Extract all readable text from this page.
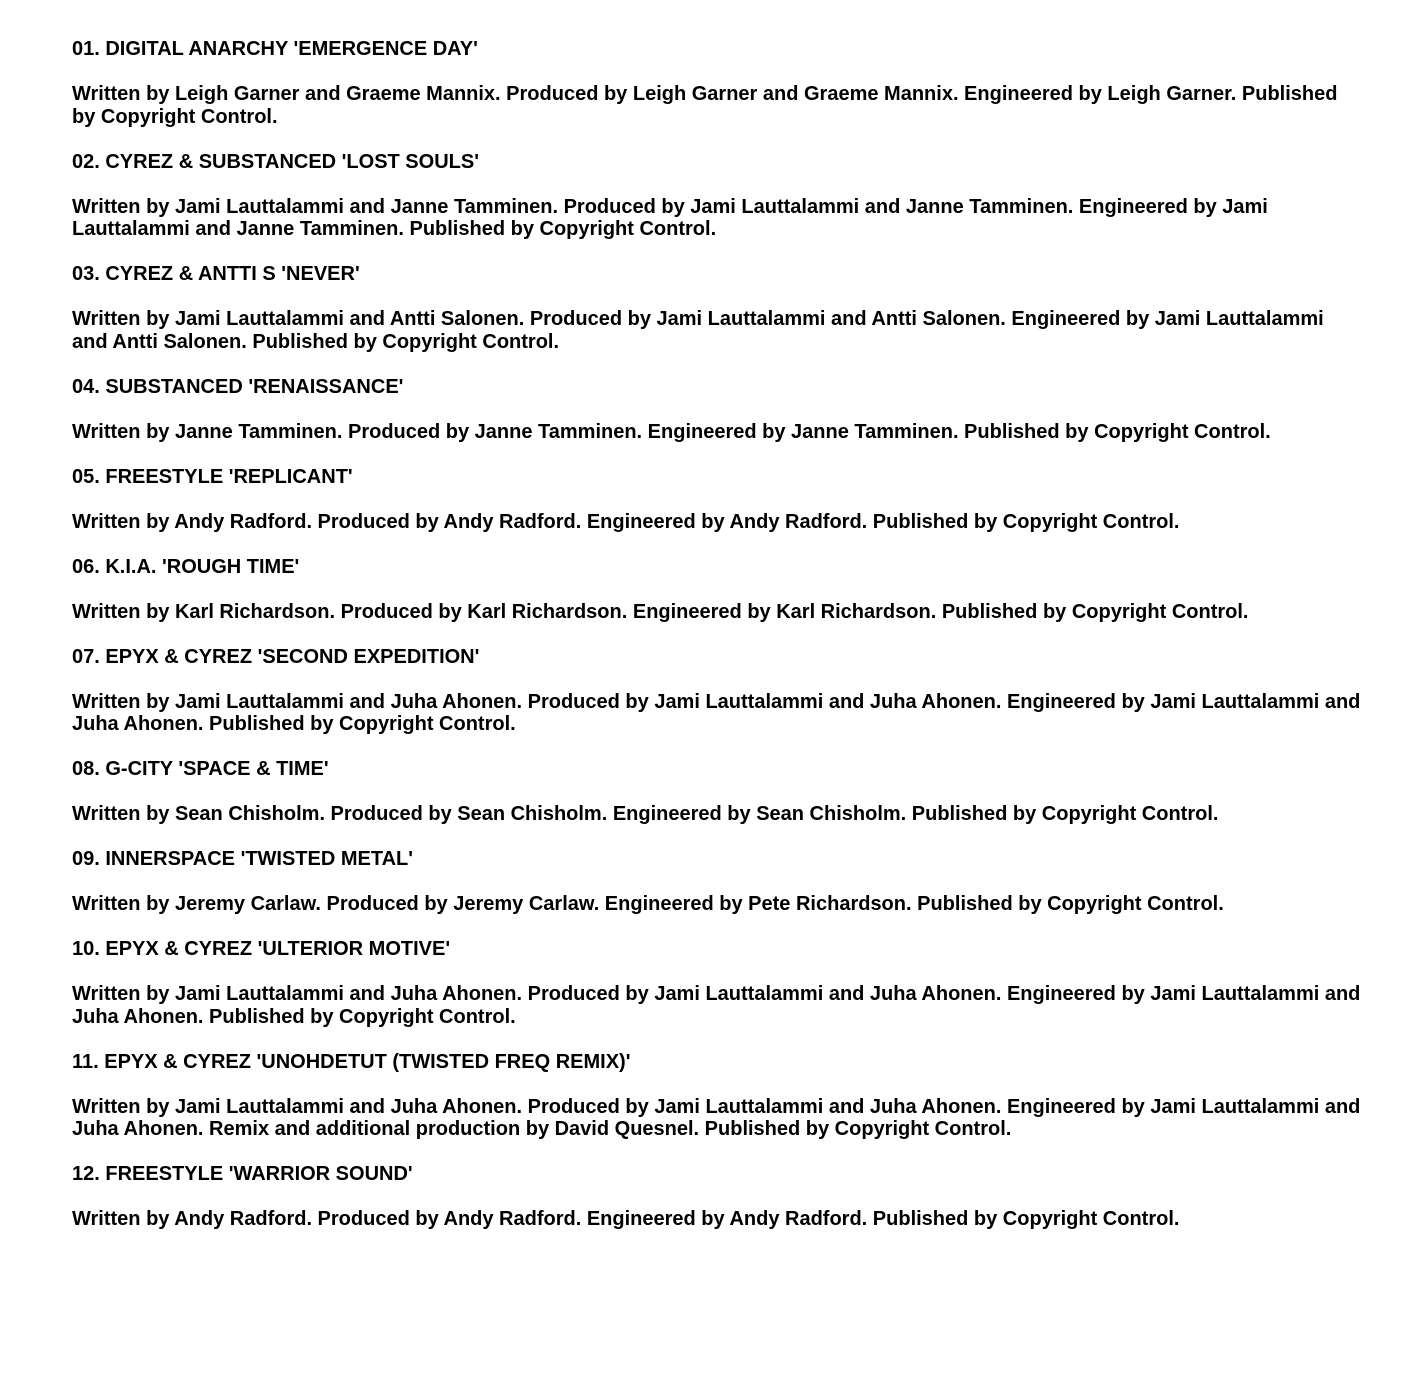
01. DIGITAL ANARCHY 'EMERGENCE DAY'

Written by Leigh Garner and Graeme Mannix. Produced by Leigh Garner and Graeme Mannix. Engineered by Leigh Garner. Published by Copyright Control.

02. CYREZ & SUBSTANCED 'LOST SOULS'

Written by Jami Lauttalammi and Janne Tamminen. Produced by Jami Lauttalammi and Janne Tamminen. Engineered by Jami Lauttalammi and Janne Tamminen. Published by Copyright Control.

03. CYREZ & ANTTI S 'NEVER'

Written by Jami Lauttalammi and Antti Salonen. Produced by Jami Lauttalammi and Antti Salonen. Engineered by Jami Lauttalammi and Antti Salonen. Published by Copyright Control.

04. SUBSTANCED 'RENAISSANCE'

Written by Janne Tamminen. Produced by Janne Tamminen. Engineered by Janne Tamminen. Published by Copyright Control.

05. FREESTYLE 'REPLICANT'

Written by Andy Radford. Produced by Andy Radford. Engineered by Andy Radford. Published by Copyright Control.

06. K.I.A. 'ROUGH TIME'

Written by Karl Richardson. Produced by Karl Richardson. Engineered by Karl Richardson. Published by Copyright Control.

07. EPYX & CYREZ 'SECOND EXPEDITION'

Written by Jami Lauttalammi and Juha Ahonen. Produced by Jami Lauttalammi and Juha Ahonen. Engineered by Jami Lauttalammi and Juha Ahonen. Published by Copyright Control.

08. G-CITY 'SPACE & TIME'

Written by Sean Chisholm. Produced by Sean Chisholm. Engineered by Sean Chisholm. Published by Copyright Control.

09. INNERSPACE 'TWISTED METAL'

Written by Jeremy Carlaw. Produced by Jeremy Carlaw. Engineered by Pete Richardson. Published by Copyright Control.

10. EPYX & CYREZ 'ULTERIOR MOTIVE'

Written by Jami Lauttalammi and Juha Ahonen. Produced by Jami Lauttalammi and Juha Ahonen. Engineered by Jami Lauttalammi and Juha Ahonen. Published by Copyright Control.

11. EPYX & CYREZ 'UNOHDETUT (TWISTED FREQ REMIX)'

Written by Jami Lauttalammi and Juha Ahonen. Produced by Jami Lauttalammi and Juha Ahonen. Engineered by Jami Lauttalammi and Juha Ahonen. Remix and additional production by David Quesnel. Published by Copyright Control.

12. FREESTYLE 'WARRIOR SOUND'

Written by Andy Radford. Produced by Andy Radford. Engineered by Andy Radford. Published by Copyright Control.
